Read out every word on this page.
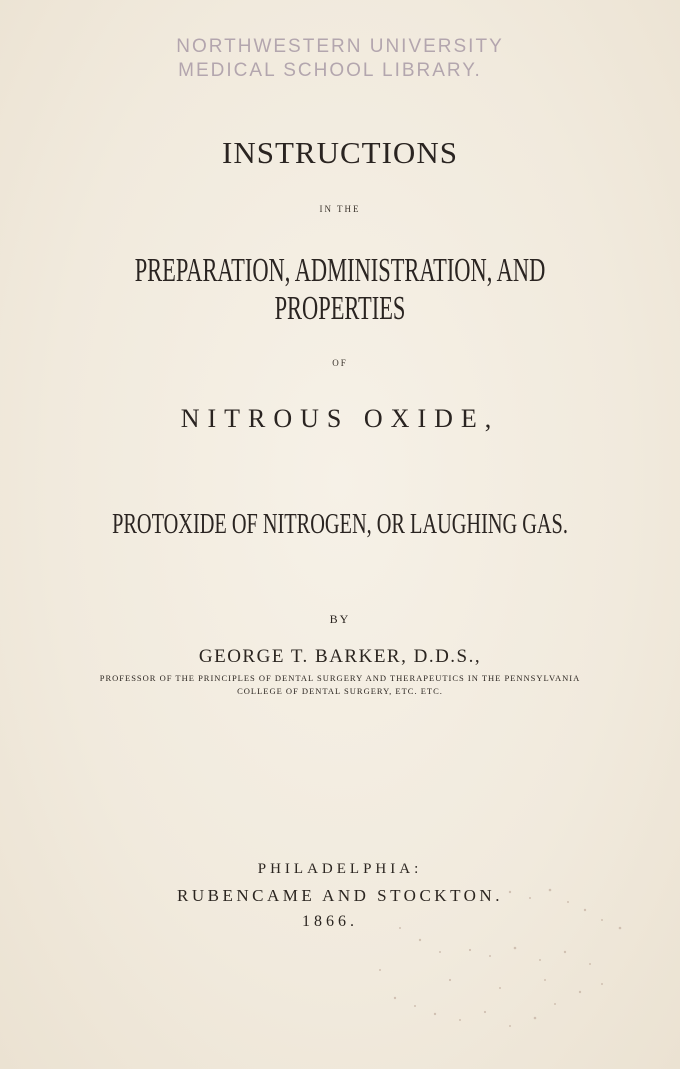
NORTHWESTERN UNIVERSITY
MEDICAL SCHOOL LIBRARY.
INSTRUCTIONS
IN THE
PREPARATION, ADMINISTRATION, AND
PROPERTIES
OF
NITROUS OXIDE,
PROTOXIDE OF NITROGEN, OR LAUGHING GAS.
BY
GEORGE T. BARKER, D.D.S.,
PROFESSOR OF THE PRINCIPLES OF DENTAL SURGERY AND THERAPEUTICS IN THE PENNSYLVANIA
COLLEGE OF DENTAL SURGERY, ETC. ETC.
PHILADELPHIA:
RUBENCAME AND STOCKTON.
1866.
